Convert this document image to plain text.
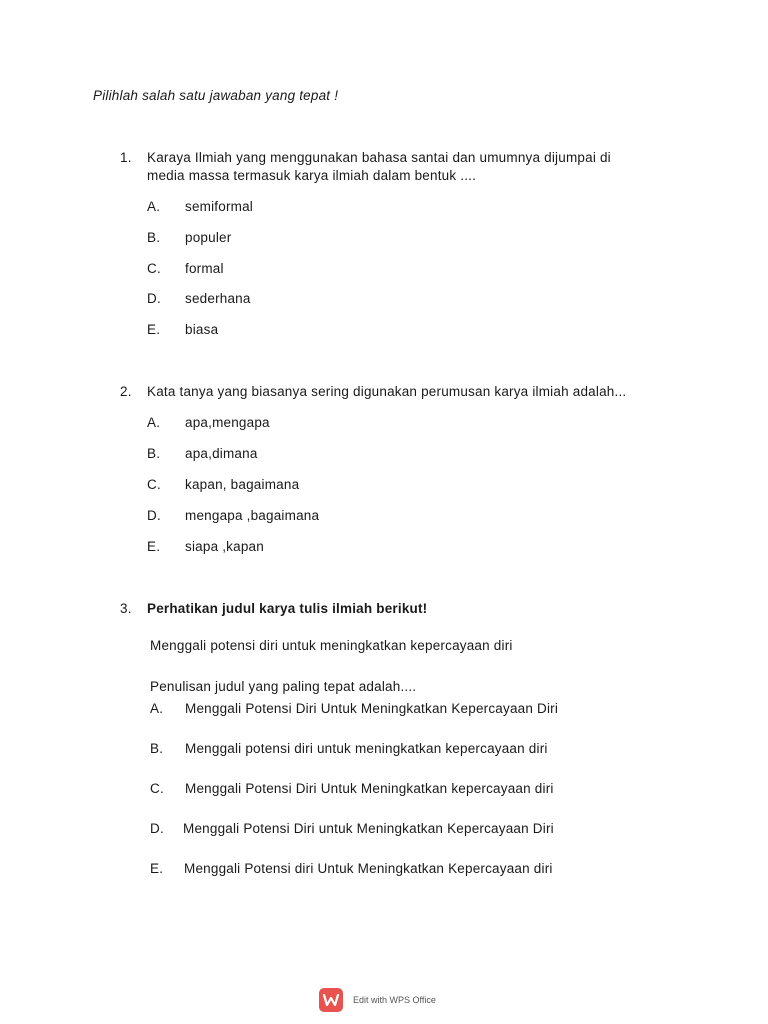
Pilihlah salah satu jawaban yang tepat !
1. Karaya Ilmiah yang menggunakan bahasa santai dan umumnya dijumpai di
media massa termasuk karya ilmiah dalam bentuk ....
A. semiformal
B. populer
C. formal
D. sederhana
E. biasa
2. Kata tanya yang biasanya sering digunakan perumusan karya ilmiah adalah...
A. apa,mengapa
B. apa,dimana
C. kapan, bagaimana
D. mengapa ,bagaimana
E. siapa ,kapan
3. Perhatikan judul karya tulis ilmiah berikut!
Menggali potensi diri untuk meningkatkan kepercayaan diri
Penulisan judul yang paling tepat adalah....
A. Menggali Potensi Diri Untuk Meningkatkan Kepercayaan Diri
B. Menggali potensi diri untuk meningkatkan kepercayaan diri
C. Menggali Potensi Diri Untuk Meningkatkan kepercayaan diri
D. Menggali Potensi Diri untuk Meningkatkan Kepercayaan Diri
E. Menggali Potensi diri Untuk Meningkatkan Kepercayaan diri
Edit with WPS Office
